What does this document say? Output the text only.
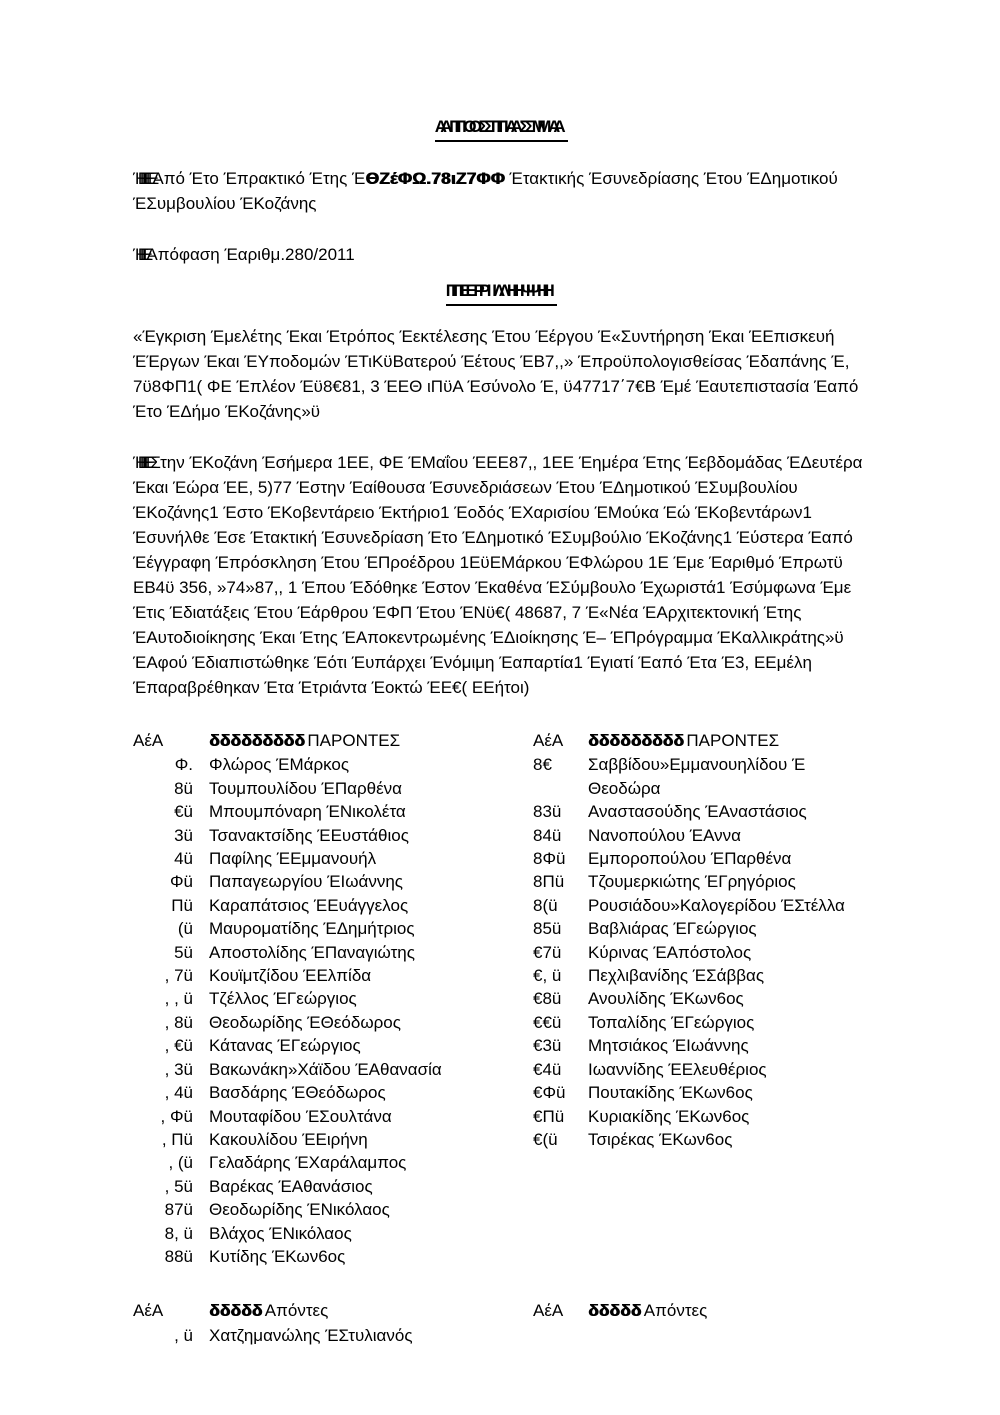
ΑΠΟΣΠΑΣΜΑ

ΉΕΕΕΕΕΕ Από Έτο Έπρακτικό Έτης ΈΘΖέΦΩ.78ιΖ7ΦΦ Έτακτικής Έσυνεδρίασης Έτου ΈΔημοτικού ΈΣυμβουλίου ΈΚοζάνης

ΉΕΕΕ Απόφαση Έαριθμ.280/2011

ΠΕΡΙΛΗΨΗ

«Έγκριση Έμελέτης Έκαι Έτρόπος Έεκτέλεσης Έτου Έέργου Έ«Συντήρηση Έκαι ΈΕπισκευή ΈΈργων Έκαι ΈΥποδομών ΈΤιΚϋΒατερού Έέτους ΈΒ7,,» Έπροϋπολογισθείσας Έδαπάνης Έ, 7ϋ8ΦΠ1( ΦΕ Έπλέον Έϋ8€81, 3 ΈΕΘ ιΠϋΑ Έσύνολο Έ, ϋ47717΄7€Β Έμέ Έαυτεπιστασία Έαπό Έτο ΈΔήμο ΈΚοζάνης»ϋ

ΉΕΕΕΕΕ Στην ΈΚοζάνη Έσήμερα 1ΕΕ, ΦΕ ΈΜαΐου ΈΕΕ87,, 1ΕΕ Έημέρα Έτης Έεβδομάδας ΈΔευτέρα Έκαι Έώρα ΈΕ, 5)77 Έστην Έαίθουσα Έσυνεδριάσεων Έτου ΈΔημοτικού ΈΣυμβουλίου ΈΚοζάνης1 Έστο ΈΚοβεντάρειο Έκτήριο1 Έοδός ΈΧαρισίου ΈΜούκα Έώ ΈΚοβεντάρων1 Έσυνήλθε Έσε Έτακτική Έσυνεδρίαση Έτο ΈΔημοτικό ΈΣυμβούλιο ΈΚοζάνης1 Έύστερα Έαπό Έέγγραφη Έπρόσκληση Έτου ΈΠροέδρου 1ΕϋΕΜάρκου ΈΦλώρου 1Ε Έμε Έαριθμό Έπρωτϋ ΕΒ4ϋ 356, »74»87,, 1 Έπου Έδόθηκε Έστον Έκαθένα ΈΣύμβουλο Έχωριστά1 Έσύμφωνα Έμε Έτις Έδιατάξεις Έτου Έάρθρου ΈΦΠ Έτου ΈΝϋ€( 48687, 7 Έ«Νέα ΈΑρχιτεκτονική Έτης ΈΑυτοδιοίκησης Έκαι Έτης ΈΑποκεντρωμένης ΈΔιοίκησης Έ– ΈΠρόγραμμα ΈΚαλλικράτης»ϋ ΈΑφού Έδιαπιστώθηκε Έότι Έυπάρχει Ένόμιμη Έαπαρτία1 Έγιατί Έαπό Έτα Έ3, ΕΕμέλη Έπαραβρέθηκαν Έτα Έτριάντα Έοκτώ ΈΕ€( ΕΕήτοι)

ΑέΑ	δδδδδδδδδ ΠΑΡΟΝΤΕΣ
Φ. Φλώρος ΈΜάρκος
8ü Τουμπουλίδου ΈΠαρθένα
€ü Μπουμπόναρη ΈΝικολέτα
3ü Τσανακτσίδης ΈΕυστάθιος
4ü Παφίλης ΈΕμμανουήλ
Φü Παπαγεωργίου ΈΙωάννης
Πü Καραπάτσιος ΈΕυάγγελος
(ü Μαυροματίδης ΈΔημήτριος
5ü Αποστολίδης ΈΠαναγιώτης
, 7ü Κουϊμτζίδου ΈΕλπίδα
, , ü Τζέλλος ΈΓεώργιος
, 8ü Θεοδωρίδης ΈΘεόδωρος
, €ü Κάτανας ΈΓεώργιος
, 3ü Βακωνάκη»Χάϊδου ΈΑθανασία
, 4ü Βασδάρης ΈΘεόδωρος
, Φü Μουταφίδου ΈΣουλτάνα
, Πü Κακουλίδου ΈΕιρήνη
, (ü Γελαδάρης ΈΧαράλαμπος
, 5ü Βαρέκας ΈΑθανάσιος
87ü Θεοδωρίδης ΈΝικόλαος
8, ü Βλάχος ΈΝικόλαος
88ü Κυτίδης ΈΚων6ος
ΑέΑ	δδδδδδδδδ ΠΑΡΟΝΤΕΣ
8€	Σαββίδου»Εμμανουηλίδου Έ Θεοδώρα
83ü	Αναστασούδης ΈΑναστάσιος
84ü	Νανοπούλου ΈΑννα
8Φü	Εμποροπούλου ΈΠαρθένα
8Πü	Τζουμερκιώτης ΈΓρηγόριος
8(ü	Ρουσιάδου»Καλογερίδου ΈΣτέλλα
85ü	Βαβλιάρας ΈΓεώργιος
€7ü	Κύρινας ΈΑπόστολος
€, ü	Πεχλιβανίδης ΈΣάββας
€8ü	Ανουλίδης ΈΚων6ος
€€ü	Τοπαλίδης ΈΓεώργιος
€3ü	Μητσιάκος ΈΙωάννης
€4ü	Ιωαννίδης ΈΕλευθέριος
€Φü	Πουτακίδης ΈΚων6ος
€Πü	Κυριακίδης ΈΚων6ος
€(ü	Τσιρέκας ΈΚων6ος
ΑέΑ	δδδδδ Απόντες
, ü Χατζημανώλης ΈΣτυλιανός
ΑέΑ	δδδδδ Απόντες
